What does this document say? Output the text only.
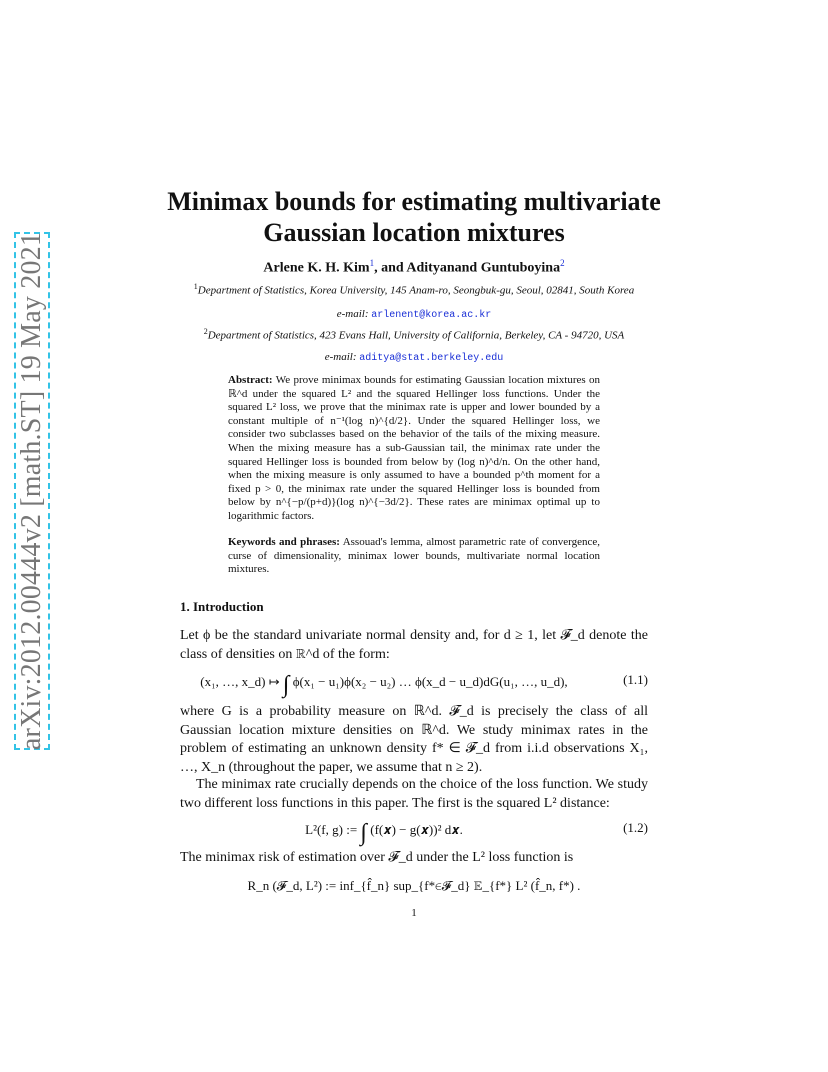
arXiv:2012.00444v2 [math.ST] 19 May 2021
Minimax bounds for estimating multivariate Gaussian location mixtures
Arlene K. H. Kim$^1$, and Adityanand Guntuboyina$^2$
$^1$Department of Statistics, Korea University, 145 Anam-ro, Seongbuk-gu, Seoul, 02841, South Korea
e-mail: arlenent@korea.ac.kr
$^2$Department of Statistics, 423 Evans Hall, University of California, Berkeley, CA - 94720, USA
e-mail: aditya@stat.berkeley.edu
Abstract: We prove minimax bounds for estimating Gaussian location mixtures on ℝ^d under the squared L² and the squared Hellinger loss functions. Under the squared L² loss, we prove that the minimax rate is upper and lower bounded by a constant multiple of n⁻¹(log n)^{d/2}. Under the squared Hellinger loss, we consider two subclasses based on the behavior of the tails of the mixing measure. When the mixing measure has a sub-Gaussian tail, the minimax rate under the squared Hellinger loss is bounded from below by (log n)^d/n. On the other hand, when the mixing measure is only assumed to have a bounded p^th moment for a fixed p > 0, the minimax rate under the squared Hellinger loss is bounded from below by n^{−p/(p+d)}(log n)^{−3d/2}. These rates are minimax optimal up to logarithmic factors.
Keywords and phrases: Assouad's lemma, almost parametric rate of convergence, curse of dimensionality, minimax lower bounds, multivariate normal location mixtures.
1. Introduction
Let ϕ be the standard univariate normal density and, for d ≥ 1, let 𝓕_d denote the class of densities on ℝ^d of the form:
(x₁, …, x_d) ↦ ∫ ϕ(x₁ − u₁)ϕ(x₂ − u₂) … ϕ(x_d − u_d)dG(u₁, …, u_d),	(1.1)
where G is a probability measure on ℝ^d. 𝓕_d is precisely the class of all Gaussian location mixture densities on ℝ^d. We study minimax rates in the problem of estimating an unknown density f* ∈ 𝓕_d from i.i.d observations X₁, …, X_n (throughout the paper, we assume that n ≥ 2).
The minimax rate crucially depends on the choice of the loss function. We study two different loss functions in this paper. The first is the squared L² distance:
L²(f, g) := ∫ (f(𝒙) − g(𝒙))² d𝒙.	(1.2)
The minimax risk of estimation over 𝓕_d under the L² loss function is
R_n (𝓕_d, L²) := inf_{f̂_n} sup_{f*∈𝓕_d} 𝔼_{f*} L² (f̂_n, f*) .
1
